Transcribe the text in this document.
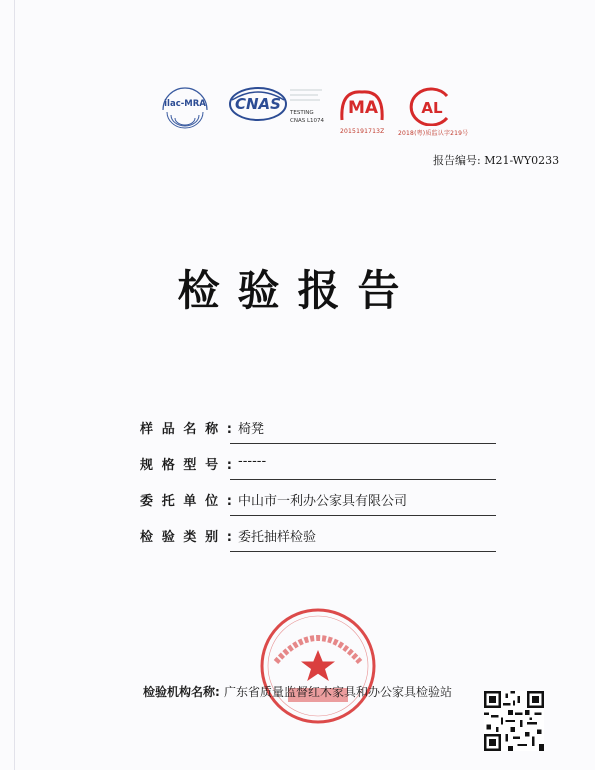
ilac-MRA CNAS TESTING
CNAS L1074
MA	AL
2015191713Z 2018(粤)质监认字219号
报告编号: M21-WY0233
检验报告
样品名称: 椅凳
规格型号: ------
委托单位: 中山市一利办公家具有限公司
检验类别: 委托抽样检验
检验机构名称: 广东省质量监督红木家具和办公家具检验站
